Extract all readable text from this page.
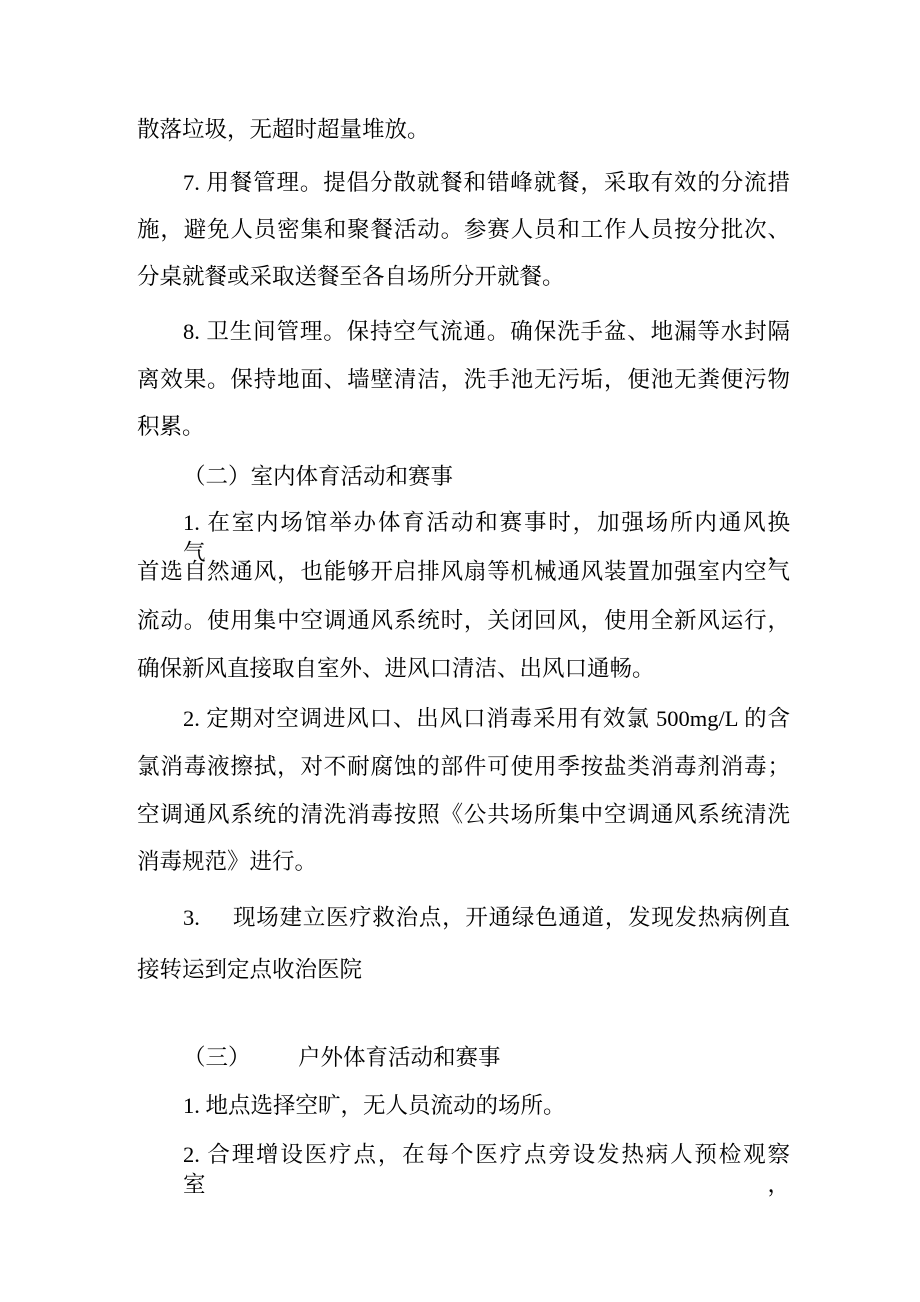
散落垃圾，无超时超量堆放。
7. 用餐管理。提倡分散就餐和错峰就餐，采取有效的分流措
施，避免人员密集和聚餐活动。参赛人员和工作人员按分批次、
分桌就餐或采取送餐至各自场所分开就餐。
8. 卫生间管理。保持空气流通。确保洗手盆、地漏等水封隔
离效果。保持地面、墙壁清洁，洗手池无污垢，便池无粪便污物
积累。
（二）室内体育活动和赛事
1. 在室内场馆举办体育活动和赛事时，加强场所内通风换气，
首选自然通风，也能够开启排风扇等机械通风装置加强室内空气
流动。使用集中空调通风系统时，关闭回风，使用全新风运行，
确保新风直接取自室外、进风口清洁、出风口通畅。
2. 定期对空调进风口、出风口消毒采用有效氯 500mg/L 的含
氯消毒液擦拭，对不耐腐蚀的部件可使用季按盐类消毒剂消毒；
空调通风系统的清洗消毒按照《公共场所集中空调通风系统清洗
消毒规范》进行。
3.	现场建立医疗救治点，开通绿色通道，发现发热病例直
接转运到定点收治医院
（三）	户外体育活动和赛事
1. 地点选择空旷，无人员流动的场所。
2. 合理增设医疗点，在每个医疗点旁设发热病人预检观察室，
